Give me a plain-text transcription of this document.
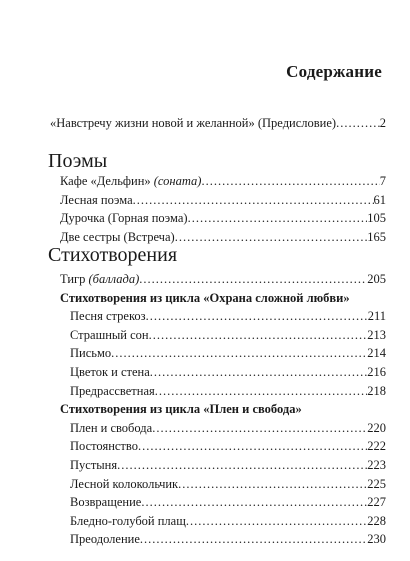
Содержание
«Навстречу жизни новой и желанной» (Предисловие) .....	2
Поэмы
Кафе «Дельфин» (соната) .....	7
Лесная поэма .....	61
Дурочка (Горная поэма) .....	105
Две сестры (Встреча) .....	165
Стихотворения
Тигр (баллада) .....	205
Стихотворения из цикла «Охрана сложной любви»
Песня стрекоз .....	211
Страшный сон .....	213
Письмо .....	214
Цветок и стена .....	216
Предрассветная .....	218
Стихотворения из цикла «Плен и свобода»
Плен и свобода .....	220
Постоянство .....	222
Пустыня .....	223
Лесной колокольчик .....	225
Возвращение .....	227
Бледно-голубой плащ .....	228
Преодоление .....	230
